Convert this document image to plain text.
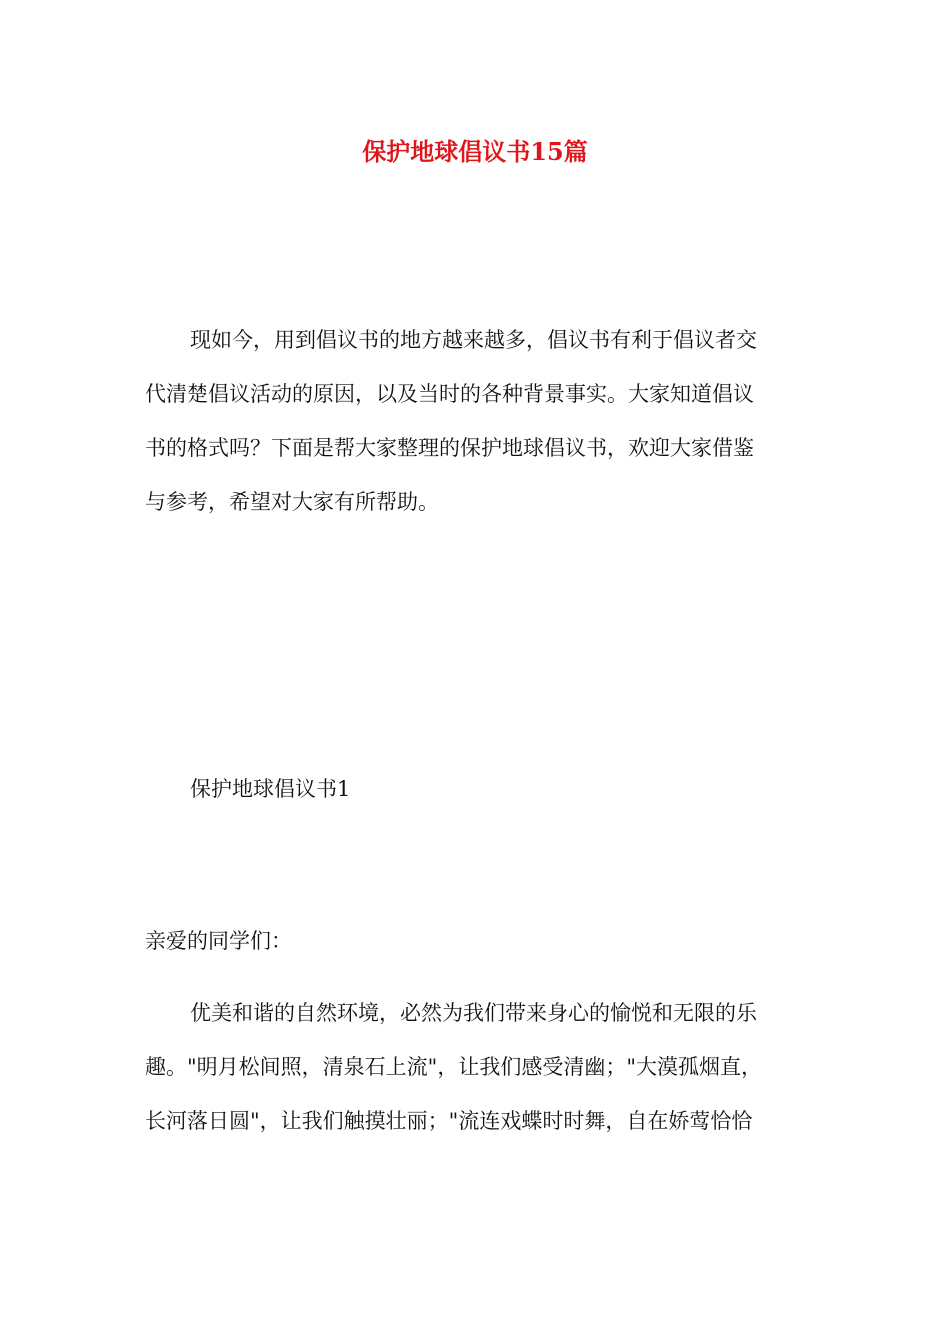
保护地球倡议书15篇
现如今，用到倡议书的地方越来越多，倡议书有利于倡议者交
代清楚倡议活动的原因，以及当时的各种背景事实。大家知道倡议
书的格式吗？下面是帮大家整理的保护地球倡议书，欢迎大家借鉴
与参考，希望对大家有所帮助。
保护地球倡议书1
亲爱的同学们：
优美和谐的自然环境，必然为我们带来身心的愉悦和无限的乐
趣。"明月松间照，清泉石上流"，让我们感受清幽；"大漠孤烟直，
长河落日圆"，让我们触摸壮丽；"流连戏蝶时时舞，自在娇莺恰恰
